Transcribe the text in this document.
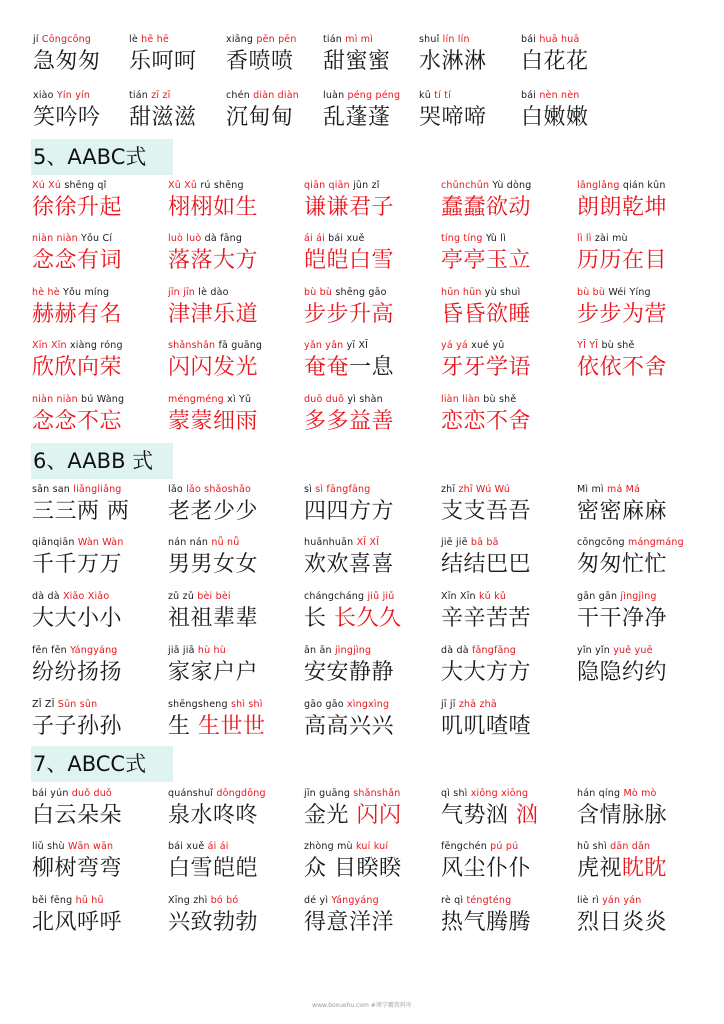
jí Cōngcōng
急匆匆
lè hē hē
乐呵呵
xiāng pēn pēn
香喷喷
tián mì mì
甜蜜蜜
shuǐ lín lín
水淋淋
bái huā huā
白花花
xiào Yín yín
笑吟吟
tián zī zī
甜滋滋
chén diàn diàn
沉甸甸
luàn péng péng
乱蓬蓬
kū tí tí
哭啼啼
bái nèn nèn
白嫩嫩
5、AABC式
Xú Xú shēng qǐ
徐徐升起
Xǔ Xǔ rú shēng
栩栩如生
qiān qiān jūn zǐ
谦谦君子
chǔnchǔn Yù dòng
蠢蠢欲动
lǎnglǎng qián kūn
朗朗乾坤
niàn niàn Yǒu Cí
念念有词
luò luò dà fāng
落落大方
ái ái bái xuě
皑皑白雪
tíng tíng Yù lì
亭亭玉立
lì lì zài mù
历历在目
hè hè Yǒu míng
赫赫有名
jīn jīn lè dào
津津乐道
bù bù shēng gāo
步步升高
hūn hūn yù shuì
昏昏欲睡
bù bù Wéi Yíng
步步为营
Xīn Xīn xiàng róng
欣欣向荣
shǎnshǎn fā guāng
闪闪发光
yǎn yǎn yī XĪ
奄奄一息
yá yá xué yǔ
牙牙学语
YĪ YĪ bù shě
依依不舍
niàn niàn bú Wàng
念念不忘
méngméng xì Yǔ
蒙蒙细雨
duō duō yì shàn
多多益善
liàn liàn bù shě
恋恋不舍
6、AABB 式
sān san liǎngliǎng
三三两 两
lǎo lǎo shǎoshǎo
老老少少
sì sì fāngfāng
四四方方
zhī zhī Wú Wú
支支吾吾
Mì mì má Má
密密麻麻
qiānqiān Wàn Wàn
千千万万
nán nán nǚ nǚ
男男女女
huānhuān XǏ XǏ
欢欢喜喜
jiē jiē bā bā
结结巴巴
cōngcōng mángmáng
匆匆忙忙
dà dà Xiǎo Xiǎo
大大小小
zǔ zǔ bèi bèi
祖祖辈辈
chángcháng jiǔ jiǔ
长 长久久
Xīn Xīn kǔ kǔ
辛辛苦苦
gān gān jìngjìng
干干净净
fēn fēn Yángyáng
纷纷扬扬
jiā jiā hù hù
家家户户
ān ān jìngjìng
安安静静
dà dà fāngfāng
大大方方
yǐn yǐn yuē yuē
隐隐约约
ZǏ ZǏ Sūn sūn
子子孙孙
shēngsheng shì shì
生 生世世
gāo gāo xìngxìng
高高兴兴
jī jī zhā zhā
叽叽喳喳
7、ABCC式
bái yún duǒ duǒ
白云朵朵
quánshuǐ dōngdōng
泉水咚咚
jīn guāng shǎnshǎn
金光 闪闪
qì shì xiōng xiōng
气势汹 汹
hán qíng Mò mò
含情脉脉
liǔ shù Wān wān
柳树弯弯
bái xuě ái ái
白雪皑皑
zhòng mù kuí kuí
众 目睽睽
fēngchén pú pú
风尘仆仆
hǔ shì dān dān
虎视眈眈
běi fēng hū hū
北风呼呼
Xīng zhì bó bó
兴致勃勃
dé yì Yángyáng
得意洋洋
rè qì téngténg
热气腾腾
liè rì yán yán
烈日炎炎
www.boxuehu.com #博学霸资料库
